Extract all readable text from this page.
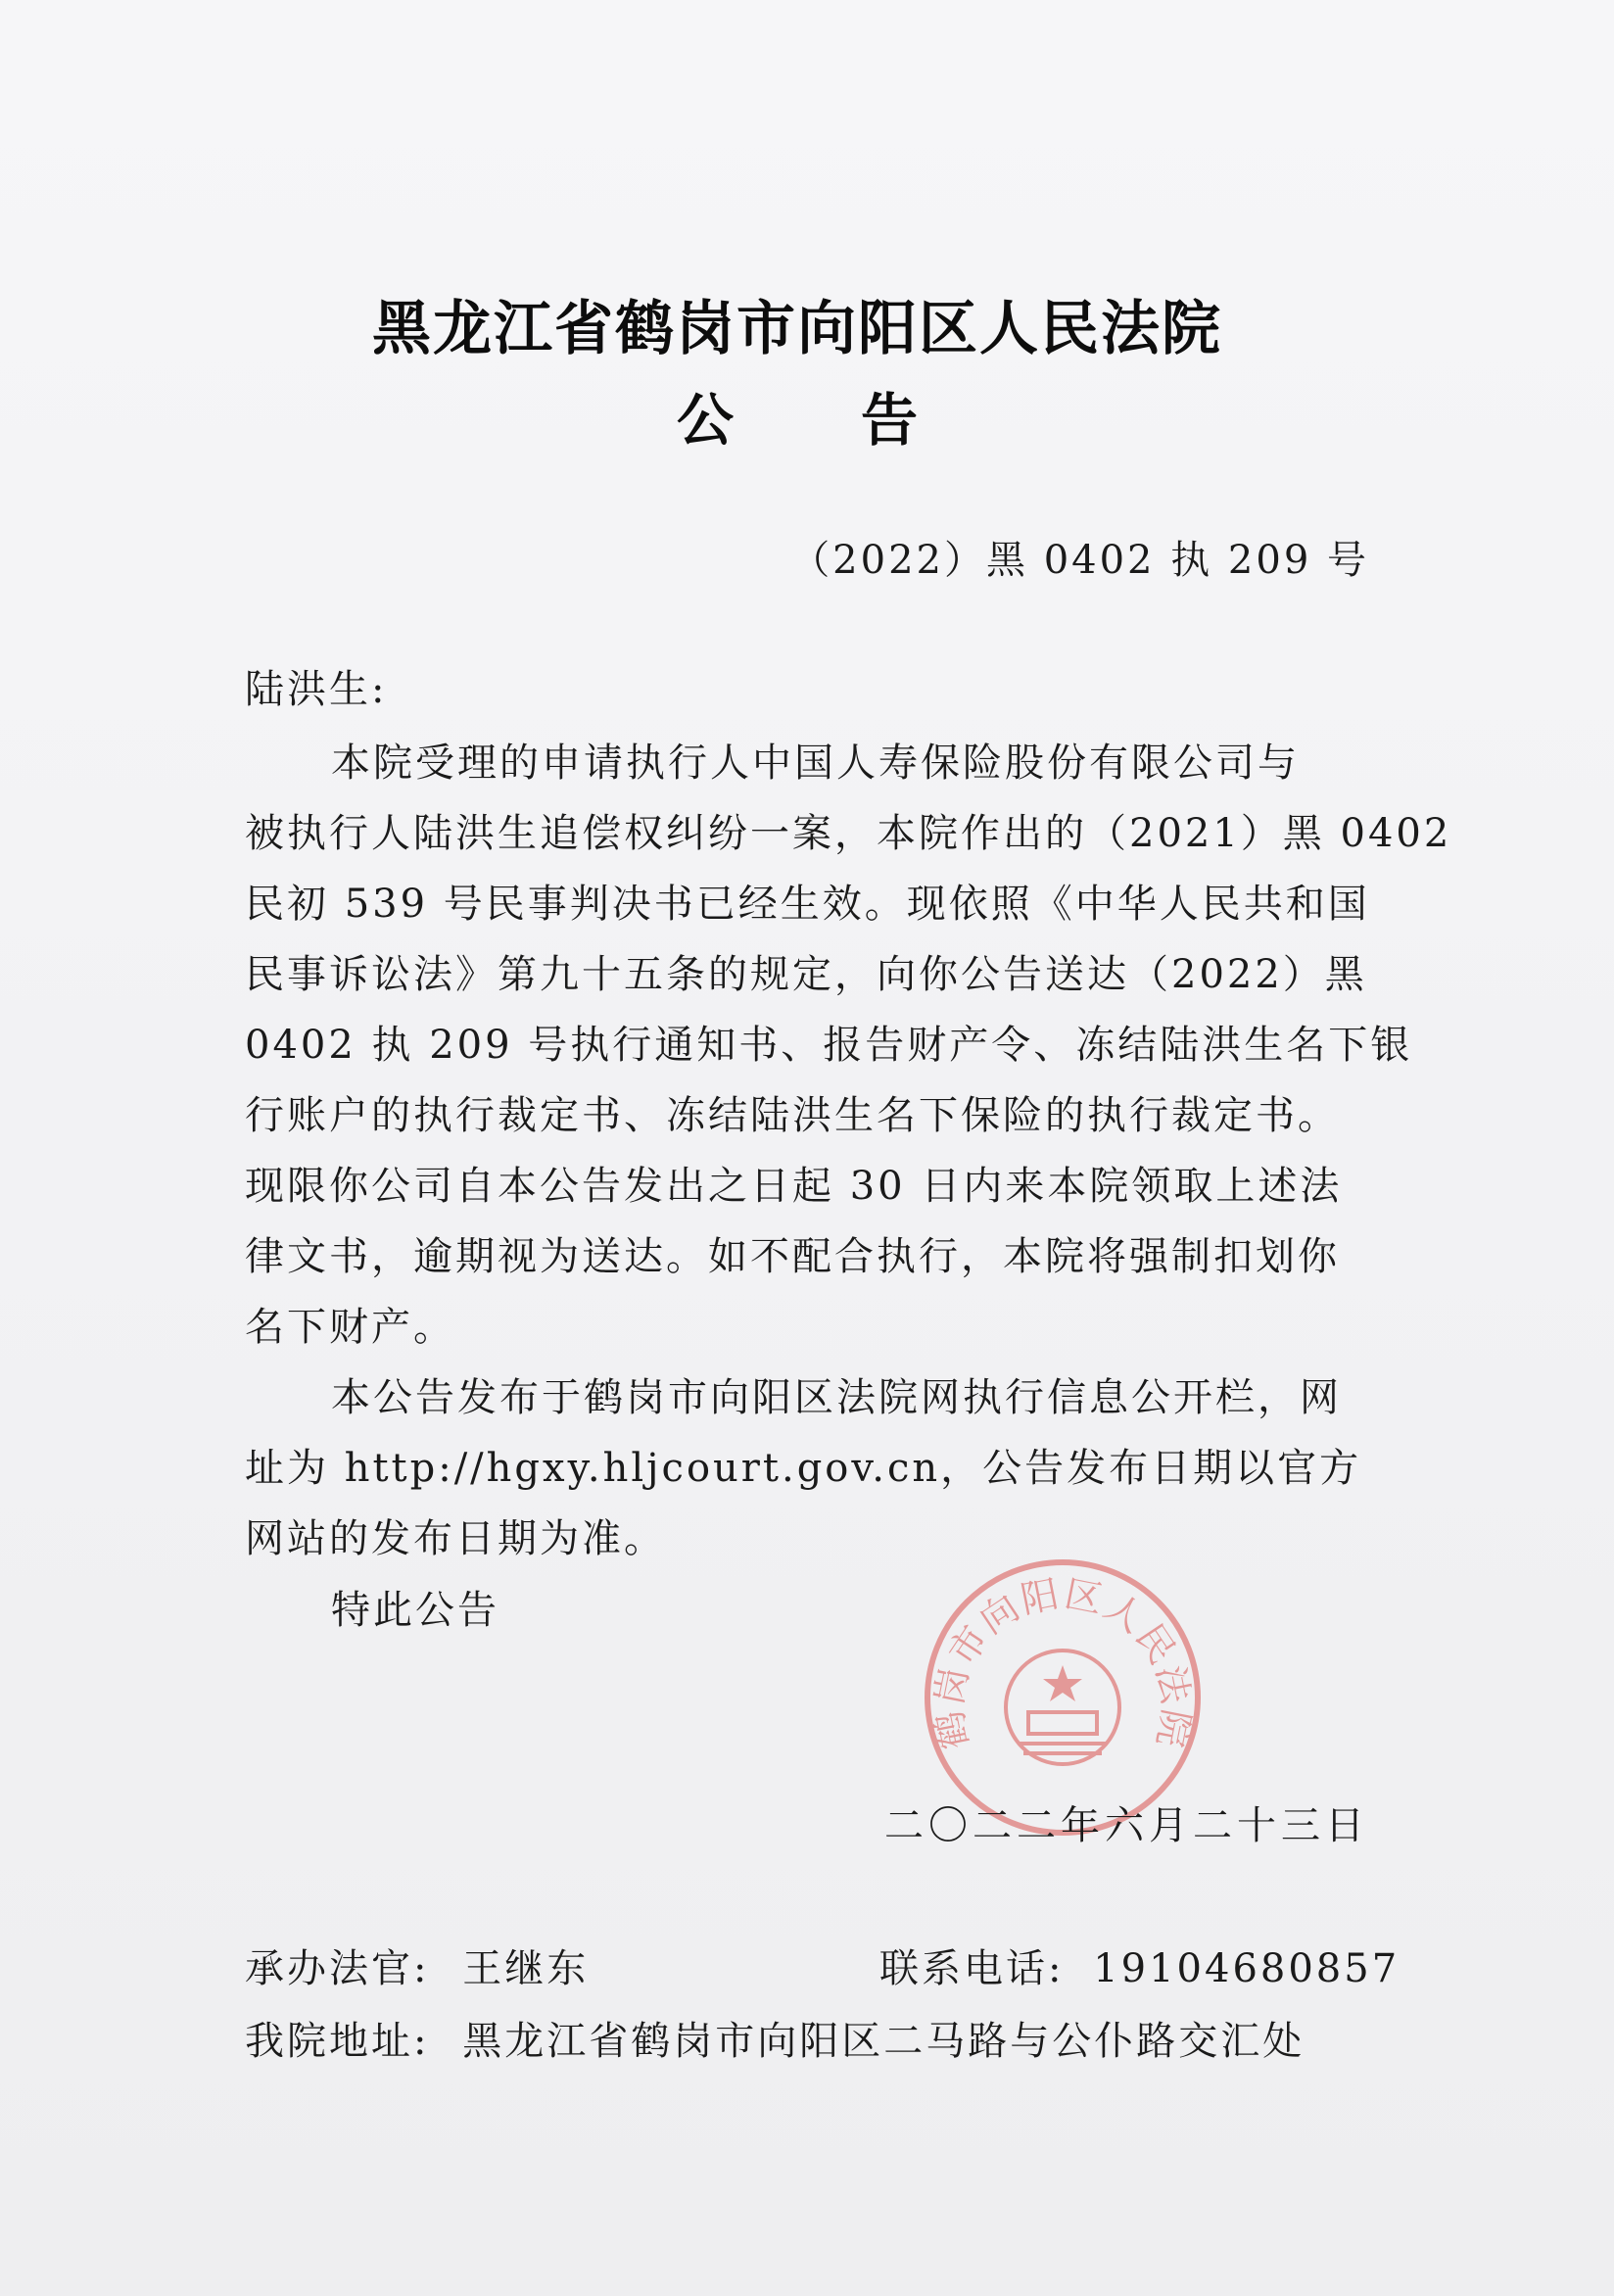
黑龙江省鹤岗市向阳区人民法院
公告
（2022）黑 0402 执 209 号
陆洪生:
本院受理的申请执行人中国人寿保险股份有限公司与
被执行人陆洪生追偿权纠纷一案，本院作出的（2021）黑 0402
民初 539 号民事判决书已经生效。现依照《中华人民共和国
民事诉讼法》第九十五条的规定，向你公告送达（2022）黑
0402 执 209 号执行通知书、报告财产令、冻结陆洪生名下银
行账户的执行裁定书、冻结陆洪生名下保险的执行裁定书。
现限你公司自本公告发出之日起 30 日内来本院领取上述法
律文书，逾期视为送达。如不配合执行，本院将强制扣划你
名下财产。
本公告发布于鹤岗市向阳区法院网执行信息公开栏，网
址为 http://hgxy.hljcourt.gov.cn，公告发布日期以官方
网站的发布日期为准。
特此公告
鹤岗市向阳区人民法院
二〇二二年六月二十三日
承办法官: 王继东	联系电话: 19104680857
我院地址: 黑龙江省鹤岗市向阳区二马路与公仆路交汇处
